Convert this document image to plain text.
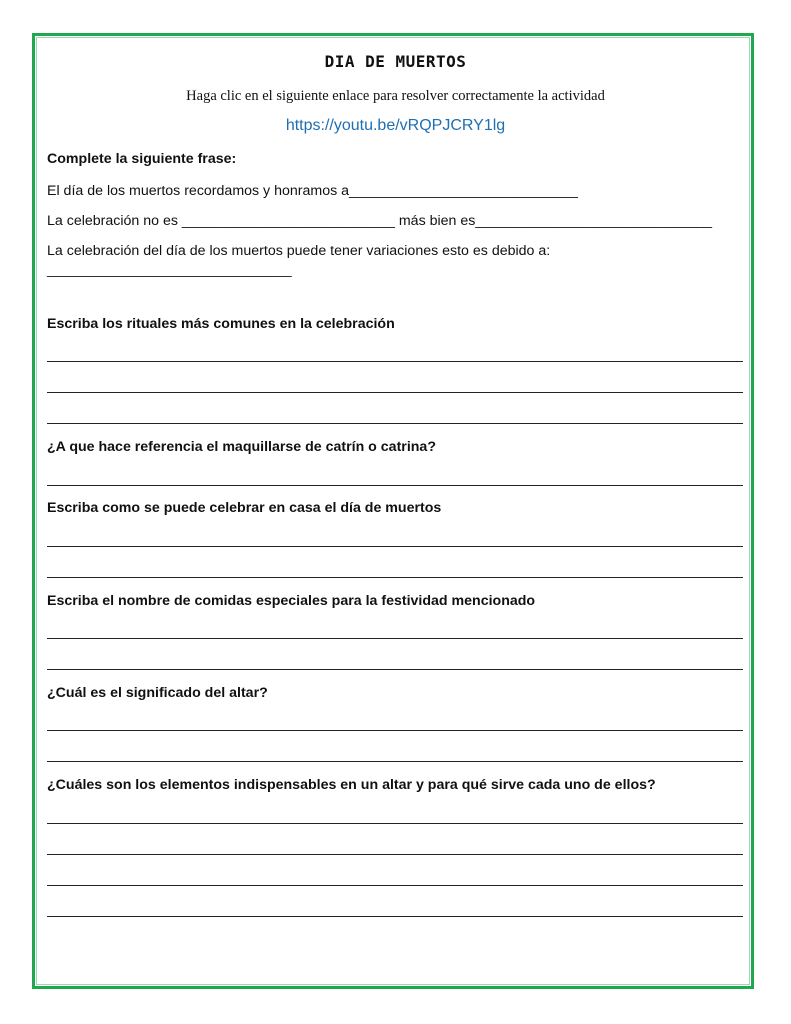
DIA DE MUERTOS
Haga clic en el siguiente enlace para resolver correctamente la actividad
https://youtu.be/vRQPJCRY1lg
Complete la siguiente frase:
El día de los muertos recordamos y honramos a_____________________________
La celebración no es ___________________________ más bien es______________________________
La celebración del día de los muertos puede tener variaciones esto es debido a:
_______________________________
Escriba los rituales más comunes en la celebración
¿A que hace referencia el maquillarse de catrín o catrina?
Escriba como se puede celebrar en casa el día de muertos
Escriba el nombre de comidas especiales para la festividad mencionado
¿Cuál es el significado del altar?
¿Cuáles son los elementos indispensables en un altar y para qué sirve cada uno de ellos?
